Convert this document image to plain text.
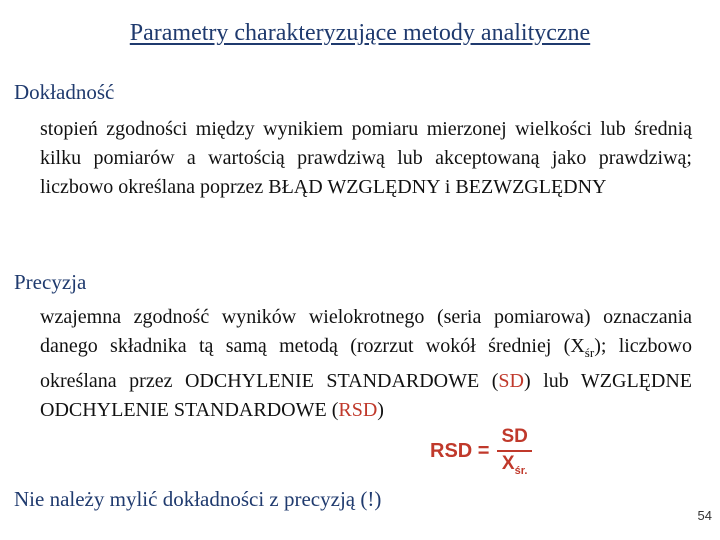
Parametry charakteryzujące metody analityczne
Dokładność
stopień zgodności między wynikiem pomiaru mierzonej wielkości lub średnią kilku pomiarów a wartością prawdziwą lub akceptowaną jako prawdziwą; liczbowo określana poprzez BŁĄD WZGLĘDNY i BEZWZGLĘDNY
Precyzja
wzajemna zgodność wyników wielokrotnego (seria pomiarowa) oznaczania danego składnika tą samą metodą (rozrzut wokół średniej $(X_{śr})$; liczbowo określana przez ODCHYLENIE STANDARDOWE (SD) lub WZGLĘDNE ODCHYLENIE STANDARDOWE (RSD)
RSD = $\frac{SD}{X_{śr.}}$
Nie należy mylić dokładności z precyzją (!)
54
